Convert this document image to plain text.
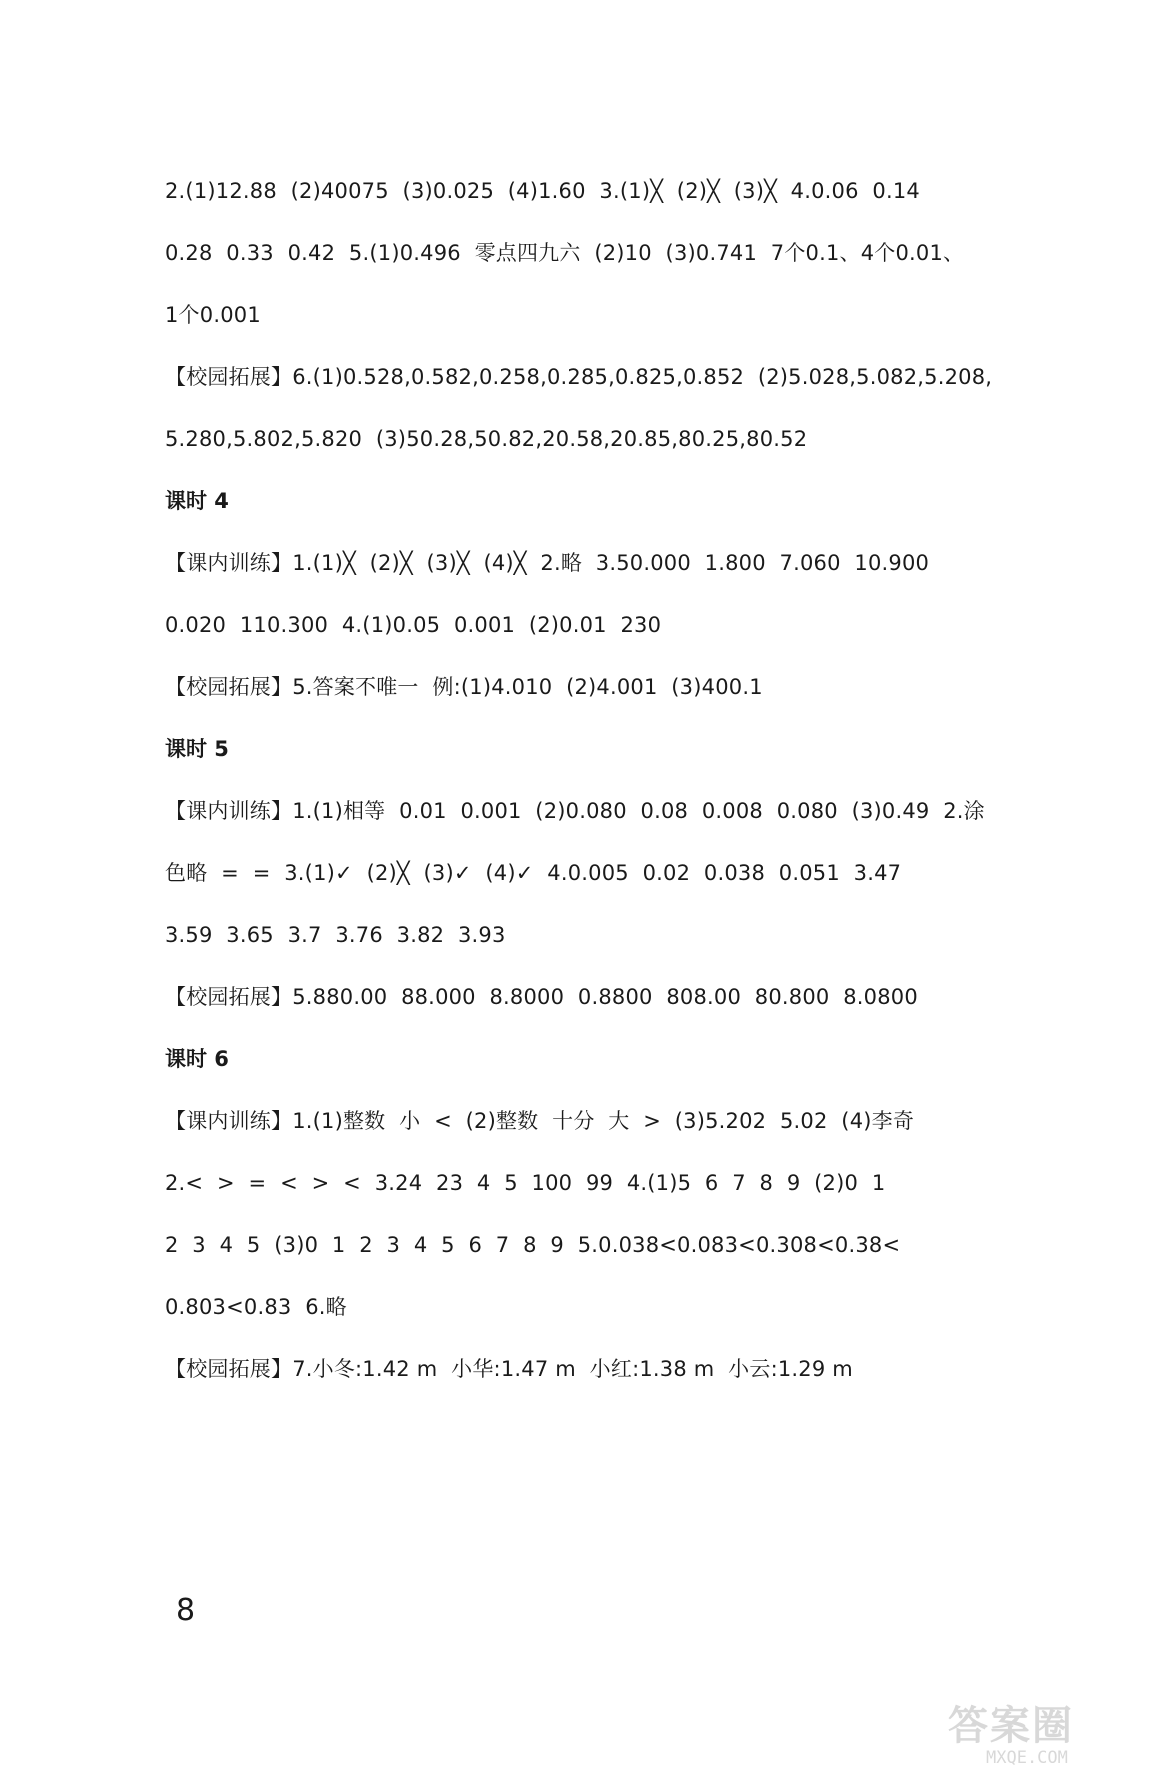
2.(1)12.88  (2)40075  (3)0.025  (4)1.60  3.(1)╳  (2)╳  (3)╳  4.0.06  0.14
0.28  0.33  0.42  5.(1)0.496  零点四九六  (2)10  (3)0.741  7个0.1、4个0.01、
1个0.001
【校园拓展】6.(1)0.528,0.582,0.258,0.285,0.825,0.852  (2)5.028,5.082,5.208,
5.280,5.802,5.820  (3)50.28,50.82,20.58,20.85,80.25,80.52
课时 4
【课内训练】1.(1)╳  (2)╳  (3)╳  (4)╳  2.略  3.50.000  1.800  7.060  10.900
0.020  110.300  4.(1)0.05  0.001  (2)0.01  230
【校园拓展】5.答案不唯一  例:(1)4.010  (2)4.001  (3)400.1
课时 5
【课内训练】1.(1)相等  0.01  0.001  (2)0.080  0.08  0.008  0.080  (3)0.49  2.涂
色略  =  =  3.(1)✓  (2)╳  (3)✓  (4)✓  4.0.005  0.02  0.038  0.051  3.47
3.59  3.65  3.7  3.76  3.82  3.93
【校园拓展】5.880.00  88.000  8.8000  0.8800  808.00  80.800  8.0800
课时 6
【课内训练】1.(1)整数  小  <  (2)整数  十分  大  >  (3)5.202  5.02  (4)李奇
2.<  >  =  <  >  <  3.24  23  4  5  100  99  4.(1)5  6  7  8  9  (2)0  1
2  3  4  5  (3)0  1  2  3  4  5  6  7  8  9  5.0.038<0.083<0.308<0.38<
0.803<0.83  6.略
【校园拓展】7.小冬:1.42 m  小华:1.47 m  小红:1.38 m  小云:1.29 m
8
答案圈
MXQE.COM
